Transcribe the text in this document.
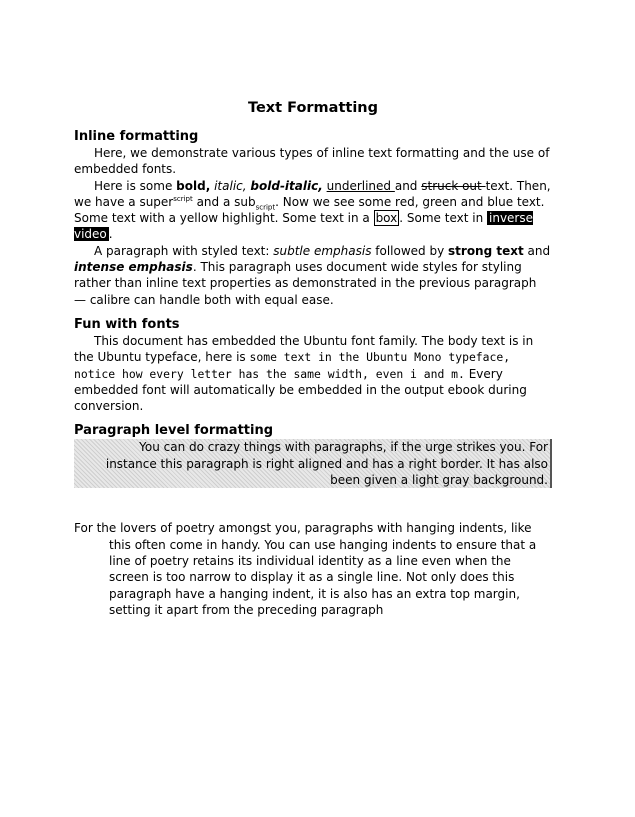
Text Formatting
Inline formatting

Here, we demonstrate various types of inline text formatting and the use of embedded fonts.

Here is some bold, italic, bold-italic, underlined and struck out text. Then, we have a super$^{script}$ and a sub$_{script}$. Now we see some red, green and blue text. Some text with a yellow highlight. Some text in a box . Some text in inverse video .

A paragraph with styled text: subtle emphasis followed by strong text and intense emphasis. This paragraph uses document wide styles for styling rather than inline text properties as demonstrated in the previous paragraph — calibre can handle both with equal ease.

Fun with fonts

This document has embedded the Ubuntu font family. The body text is in the Ubuntu typeface, here is some text in the Ubuntu Mono typeface, notice how every letter has the same width, even i and m. Every embedded font will automatically be embedded in the output ebook during conversion.

Paragraph level formatting

You can do crazy things with paragraphs, if the urge strikes you. For instance this paragraph is right aligned and has a right border. It has also been given a light gray background.

For the lovers of poetry amongst you, paragraphs with hanging indents, like this often come in handy. You can use hanging indents to ensure that a line of poetry retains its individual identity as a line even when the screen is too narrow to display it as a single line. Not only does this paragraph have a hanging indent, it is also has an extra top margin, setting it apart from the preceding paragraph
